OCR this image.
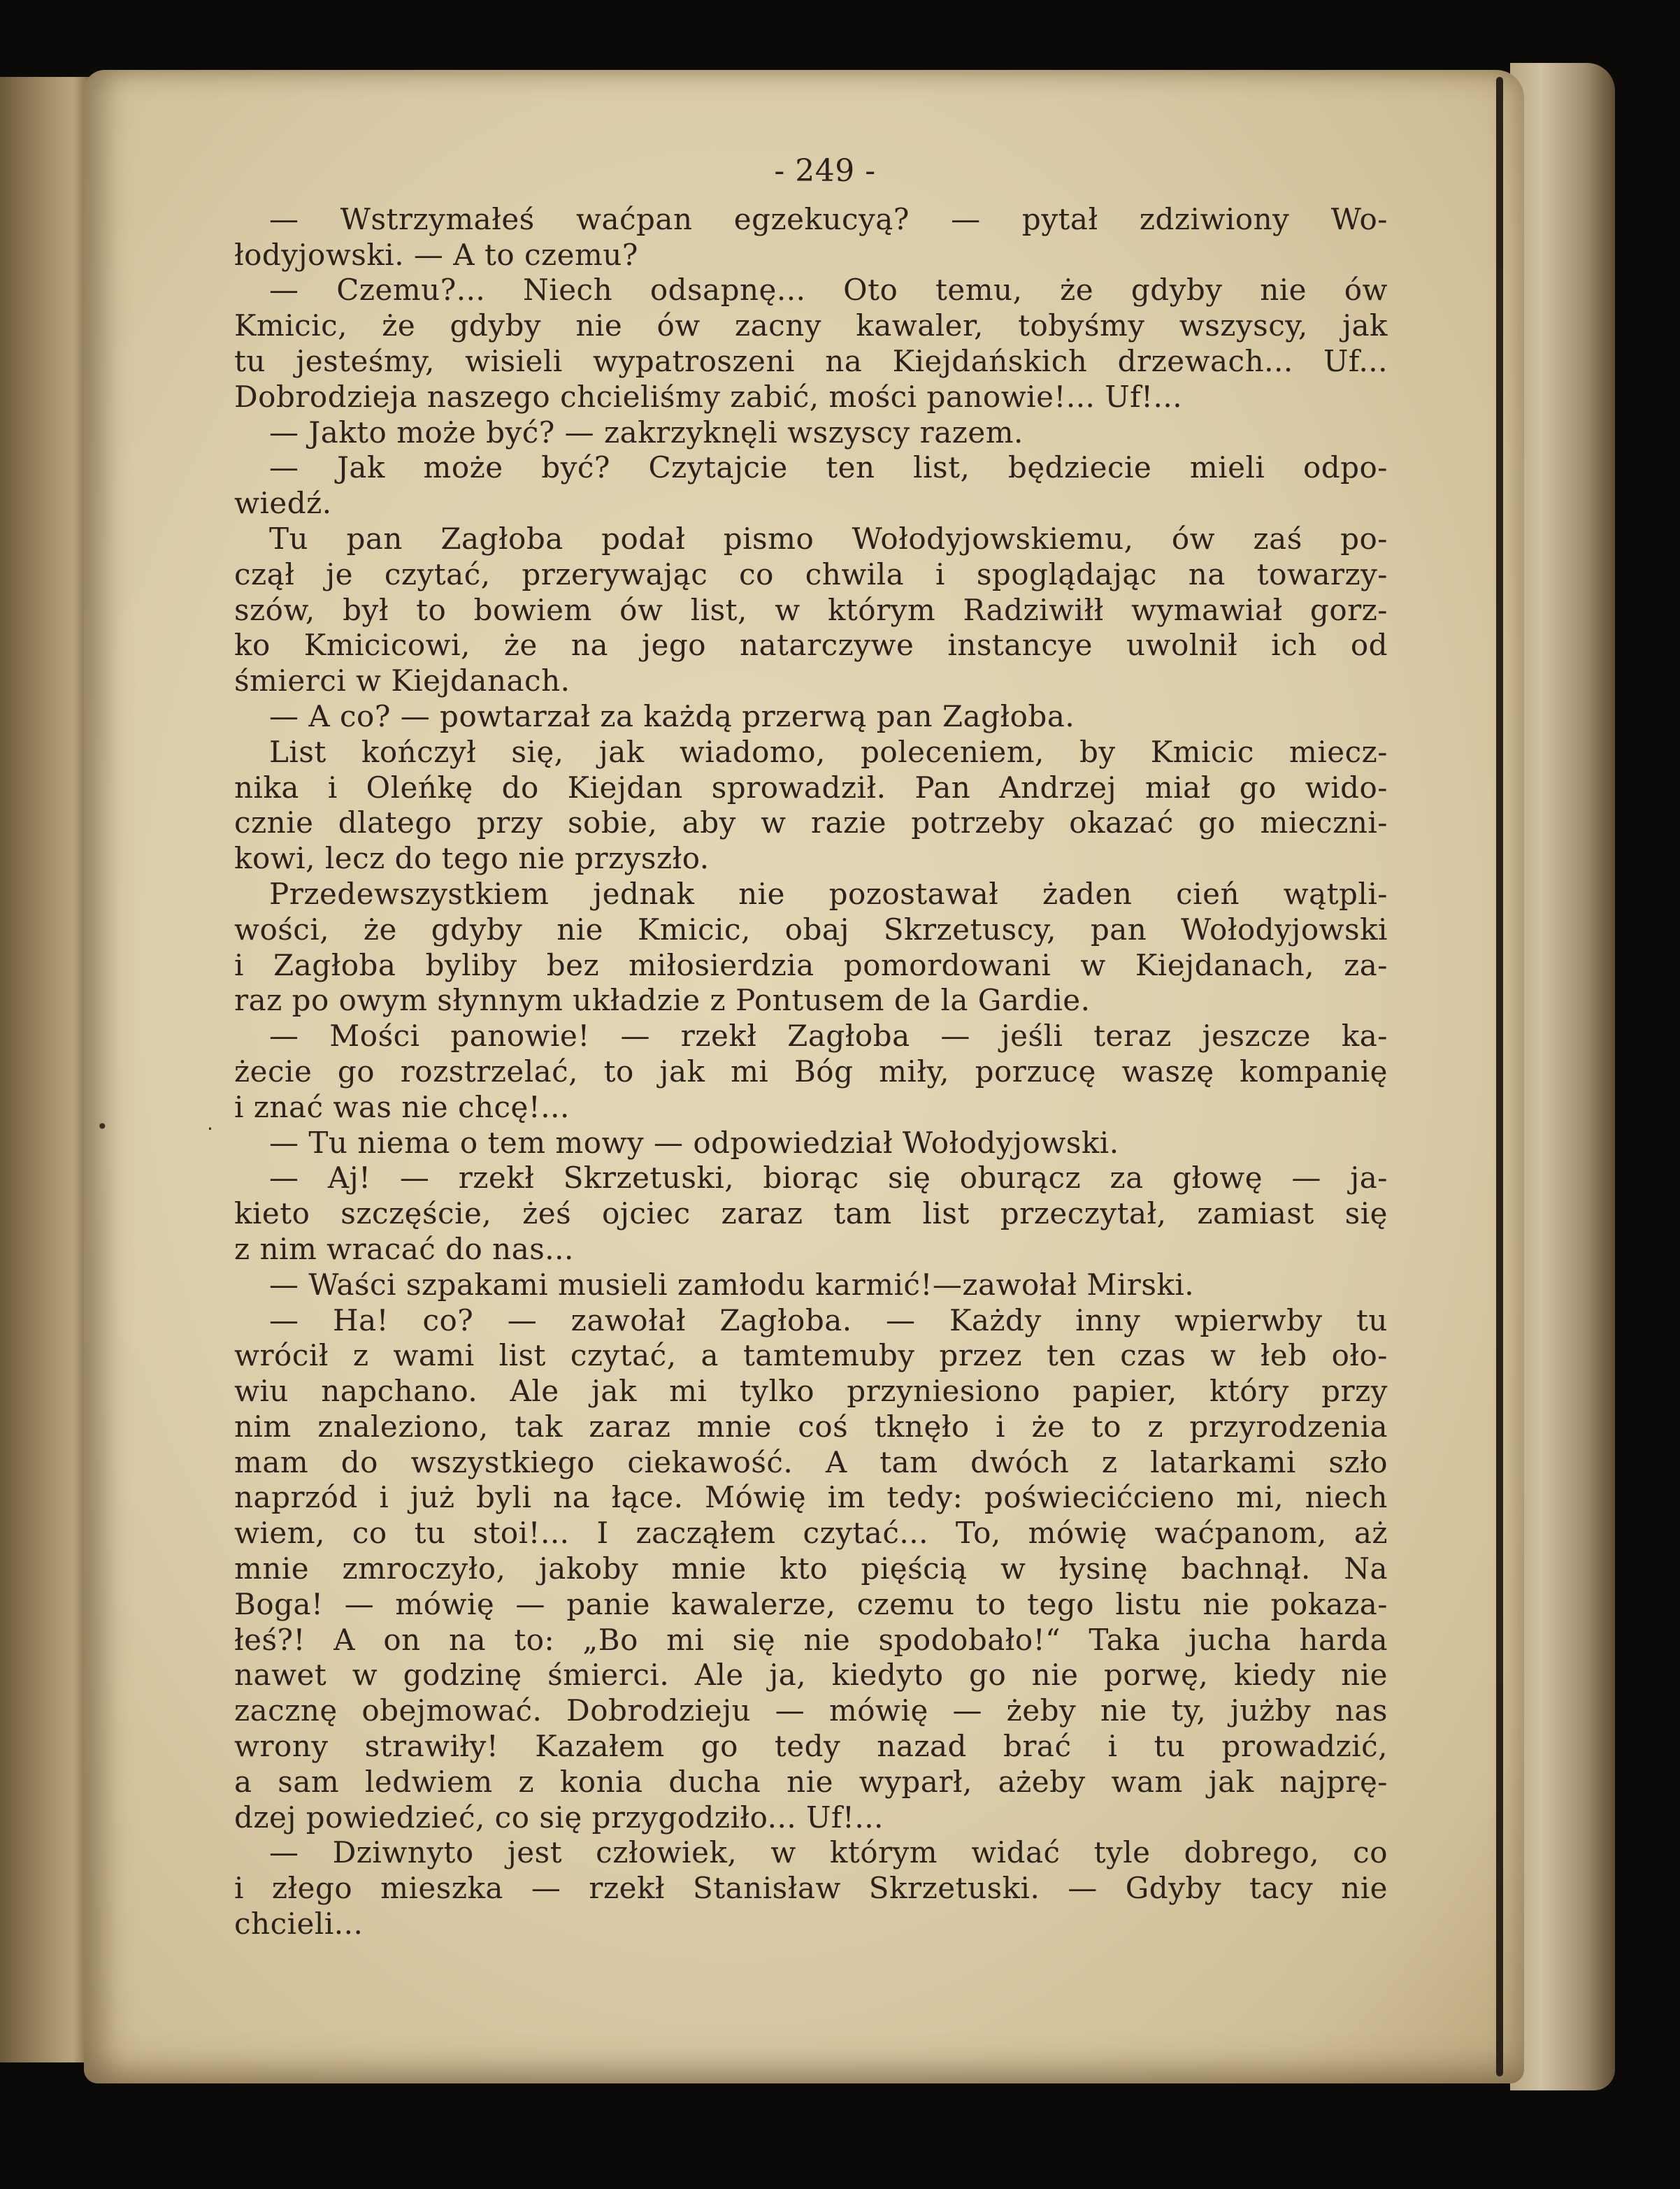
•	.
- 249 -
— Wstrzymałeś waćpan egzekucyą? — pytał zdziwiony Wo-
łodyjowski. — A to czemu?
— Czemu?... Niech odsapnę... Oto temu, że gdyby nie ów
Kmicic, że gdyby nie ów zacny kawaler, tobyśmy wszyscy, jak
tu jesteśmy, wisieli wypatroszeni na Kiejdańskich drzewach... Uf...
Dobrodzieja naszego chcieliśmy zabić, mości panowie!... Uf!...
— Jakto może być? — zakrzyknęli wszyscy razem.
— Jak może być? Czytajcie ten list, będziecie mieli odpo-
wiedź.
Tu pan Zagłoba podał pismo Wołodyjowskiemu, ów zaś po-
czął je czytać, przerywając co chwila i spoglądając na towarzy-
szów, był to bowiem ów list, w którym Radziwiłł wymawiał gorz-
ko Kmicicowi, że na jego natarczywe instancye uwolnił ich od
śmierci w Kiejdanach.
— A co? — powtarzał za każdą przerwą pan Zagłoba.
List kończył się, jak wiadomo, poleceniem, by Kmicic miecz-
nika i Oleńkę do Kiejdan sprowadził. Pan Andrzej miał go wido-
cznie dlatego przy sobie, aby w razie potrzeby okazać go mieczni-
kowi, lecz do tego nie przyszło.
Przedewszystkiem jednak nie pozostawał żaden cień wątpli-
wości, że gdyby nie Kmicic, obaj Skrzetuscy, pan Wołodyjowski
i Zagłoba byliby bez miłosierdzia pomordowani w Kiejdanach, za-
raz po owym słynnym układzie z Pontusem de la Gardie.
— Mości panowie! — rzekł Zagłoba — jeśli teraz jeszcze ka-
żecie go rozstrzelać, to jak mi Bóg miły, porzucę waszę kompanię
i znać was nie chcę!...
— Tu niema o tem mowy — odpowiedział Wołodyjowski.
— Aj! — rzekł Skrzetuski, biorąc się oburącz za głowę — ja-
kieto szczęście, żeś ojciec zaraz tam list przeczytał, zamiast się
z nim wracać do nas...
— Waści szpakami musieli zamłodu karmić!—zawołał Mirski.
— Ha! co? — zawołał Zagłoba. — Każdy inny wpierwby tu
wrócił z wami list czytać, a tamtemuby przez ten czas w łeb oło-
wiu napchano. Ale jak mi tylko przyniesiono papier, który przy
nim znaleziono, tak zaraz mnie coś tknęło i że to z przyrodzenia
mam do wszystkiego ciekawość. A tam dwóch z latarkami szło
naprzód i już byli na łące. Mówię im tedy: poświecićcieno mi, niech
wiem, co tu stoi!... I zacząłem czytać... To, mówię waćpanom, aż
mnie zmroczyło, jakoby mnie kto pięścią w łysinę bachnął. Na
Boga! — mówię — panie kawalerze, czemu to tego listu nie pokaza-
łeś?! A on na to: „Bo mi się nie spodobało!“ Taka jucha harda
nawet w godzinę śmierci. Ale ja, kiedyto go nie porwę, kiedy nie
zacznę obejmować. Dobrodzieju — mówię — żeby nie ty, jużby nas
wrony strawiły! Kazałem go tedy nazad brać i tu prowadzić,
a sam ledwiem z konia ducha nie wyparł, ażeby wam jak najprę-
dzej powiedzieć, co się przygodziło... Uf!...
— Dziwnyto jest człowiek, w którym widać tyle dobrego, co
i złego mieszka — rzekł Stanisław Skrzetuski. — Gdyby tacy nie
chcieli...
